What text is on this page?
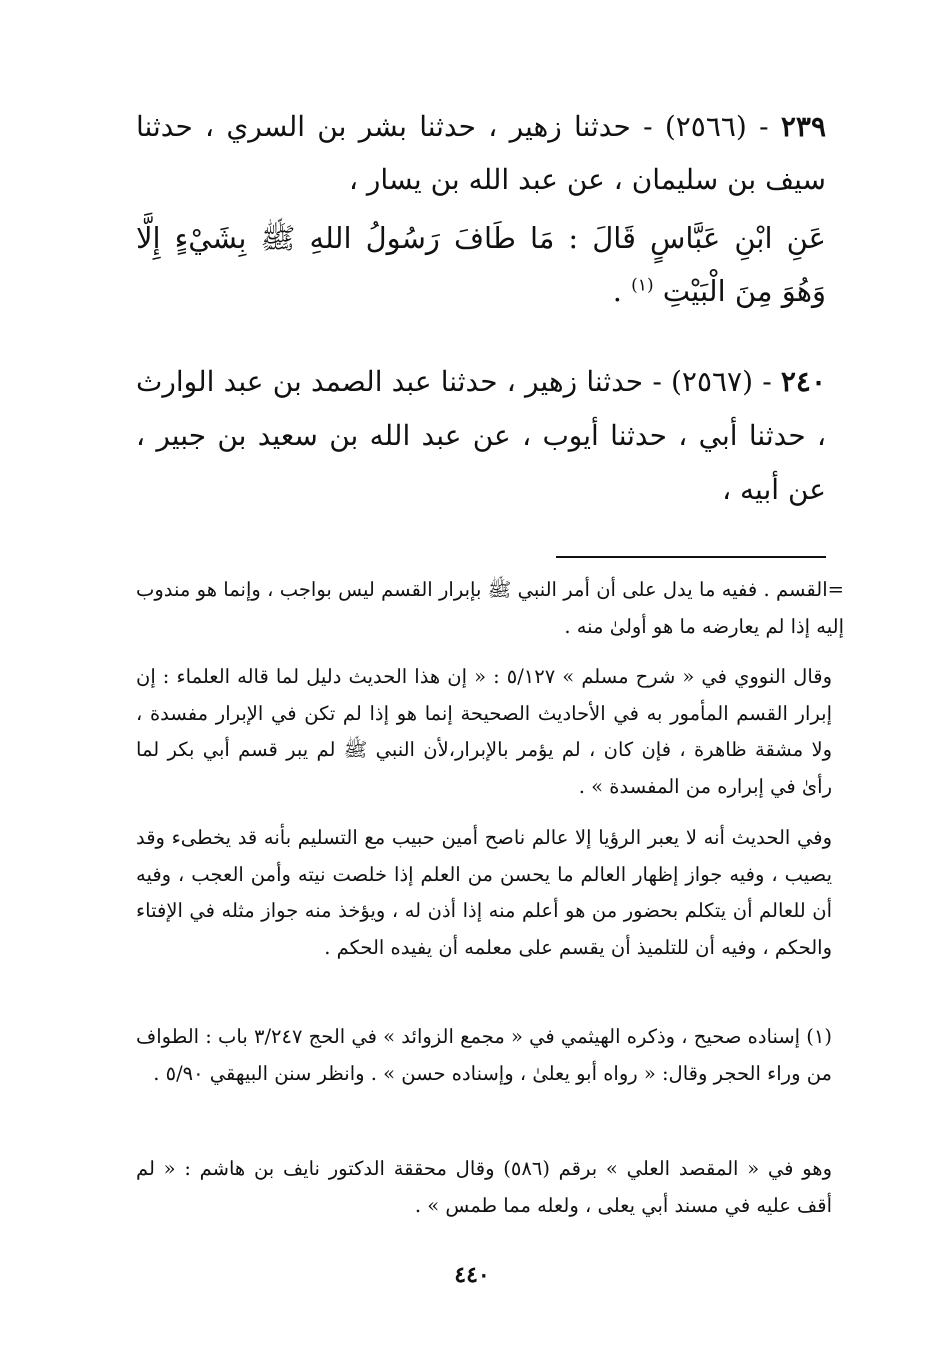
٢٣٩ - (٢٥٦٦) - حدثنا زهير ، حدثنا بشر بن السري ، حدثنا سيف بن سليمان ، عن عبد الله بن يسار ،

عَنِ ابْنِ عَبَّاسٍ قَالَ : مَا طَافَ رَسُولُ اللهِ ﷺ بِشَيْءٍ إِلَّا وَهُوَ مِنَ الْبَيْتِ $^{(١)}$ .

٢٤٠ - (٢٥٦٧) - حدثنا زهير ، حدثنا عبد الصمد بن عبد الوارث ، حدثنا أبي ، حدثنا أيوب ، عن عبد الله بن سعيد بن جبير ، عن أبيه ،

=القسم . ففيه ما يدل على أن أمر النبي ﷺ بإبرار القسم ليس بواجب ، وإنما هو مندوب إليه إذا لم يعارضه ما هو أولىٰ منه .

وقال النووي في « شرح مسلم » ٥/١٢٧ : « إن هذا الحديث دليل لما قاله العلماء : إن إبرار القسم المأمور به في الأحاديث الصحيحة إنما هو إذا لم تكن في الإبرار مفسدة ، ولا مشقة ظاهرة ، فإن كان ، لم يؤمر بالإبرار،لأن النبي ﷺ لم يبر قسم أبي بكر لما رأىٰ في إبراره من المفسدة » .

وفي الحديث أنه لا يعبر الرؤيا إلا عالم ناصح أمين حبيب مع التسليم بأنه قد يخطىء وقد يصيب ، وفيه جواز إظهار العالم ما يحسن من العلم إذا خلصت نيته وأمن العجب ، وفيه أن للعالم أن يتكلم بحضور من هو أعلم منه إذا أذن له ، ويؤخذ منه جواز مثله في الإفتاء والحكم ، وفيه أن للتلميذ أن يقسم على معلمه أن يفيده الحكم .

(١) إسناده صحيح ، وذكره الهيثمي في « مجمع الزوائد » في الحج ٣/٢٤٧ باب : الطواف من وراء الحجر وقال: « رواه أبو يعلىٰ ، وإسناده حسن » . وانظر سنن البيهقي ٥/٩٠ .

وهو في « المقصد العلي » برقم (٥٨٦) وقال محققة الدكتور نايف بن هاشم : « لم أقف عليه في مسند أبي يعلى ، ولعله مما طمس » .

٤٤٠
